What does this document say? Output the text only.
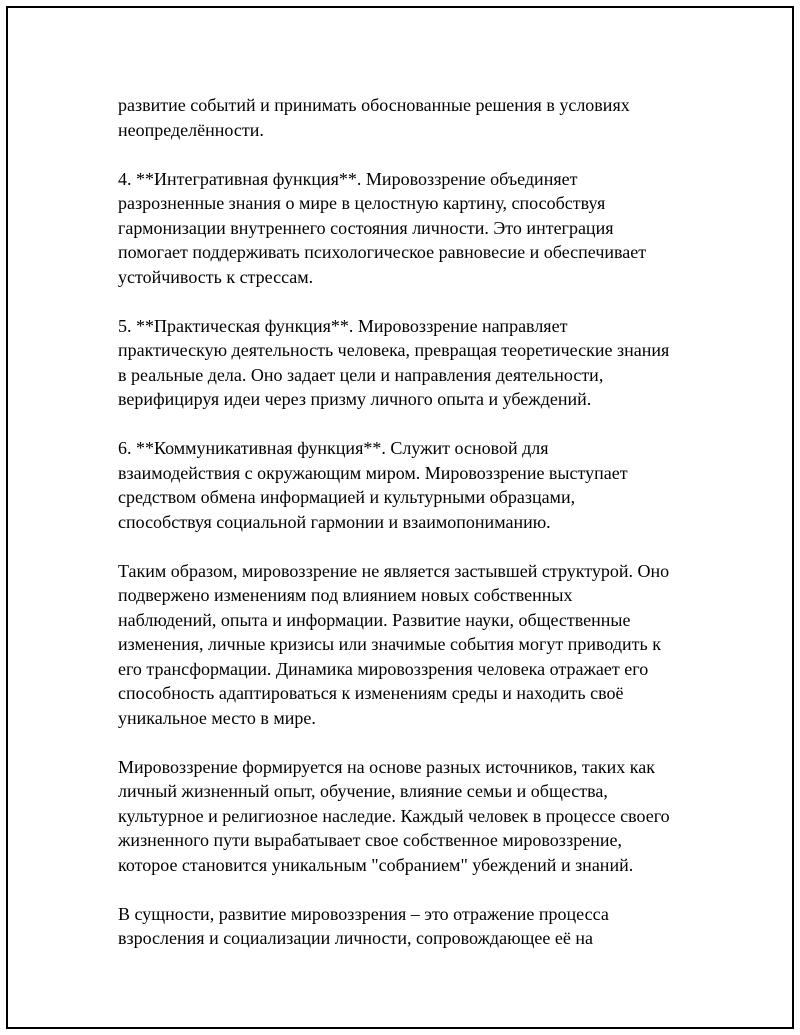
развитие событий и принимать обоснованные решения в условиях
неопределённости.
4. **Интегративная функция**. Мировоззрение объединяет
разрозненные знания о мире в целостную картину, способствуя
гармонизации внутреннего состояния личности. Это интеграция
помогает поддерживать психологическое равновесие и обеспечивает
устойчивость к стрессам.
5. **Практическая функция**. Мировоззрение направляет
практическую деятельность человека, превращая теоретические знания
в реальные дела. Оно задает цели и направления деятельности,
верифицируя идеи через призму личного опыта и убеждений.
6. **Коммуникативная функция**. Служит основой для
взаимодействия с окружающим миром. Мировоззрение выступает
средством обмена информацией и культурными образцами,
способствуя социальной гармонии и взаимопониманию.
Таким образом, мировоззрение не является застывшей структурой. Оно
подвержено изменениям под влиянием новых собственных
наблюдений, опыта и информации. Развитие науки, общественные
изменения, личные кризисы или значимые события могут приводить к
его трансформации. Динамика мировоззрения человека отражает его
способность адаптироваться к изменениям среды и находить своё
уникальное место в мире.
Мировоззрение формируется на основе разных источников, таких как
личный жизненный опыт, обучение, влияние семьи и общества,
культурное и религиозное наследие. Каждый человек в процессе своего
жизненного пути вырабатывает свое собственное мировоззрение,
которое становится уникальным "собранием" убеждений и знаний.
В сущности, развитие мировоззрения – это отражение процесса
взросления и социализации личности, сопровождающее её на
